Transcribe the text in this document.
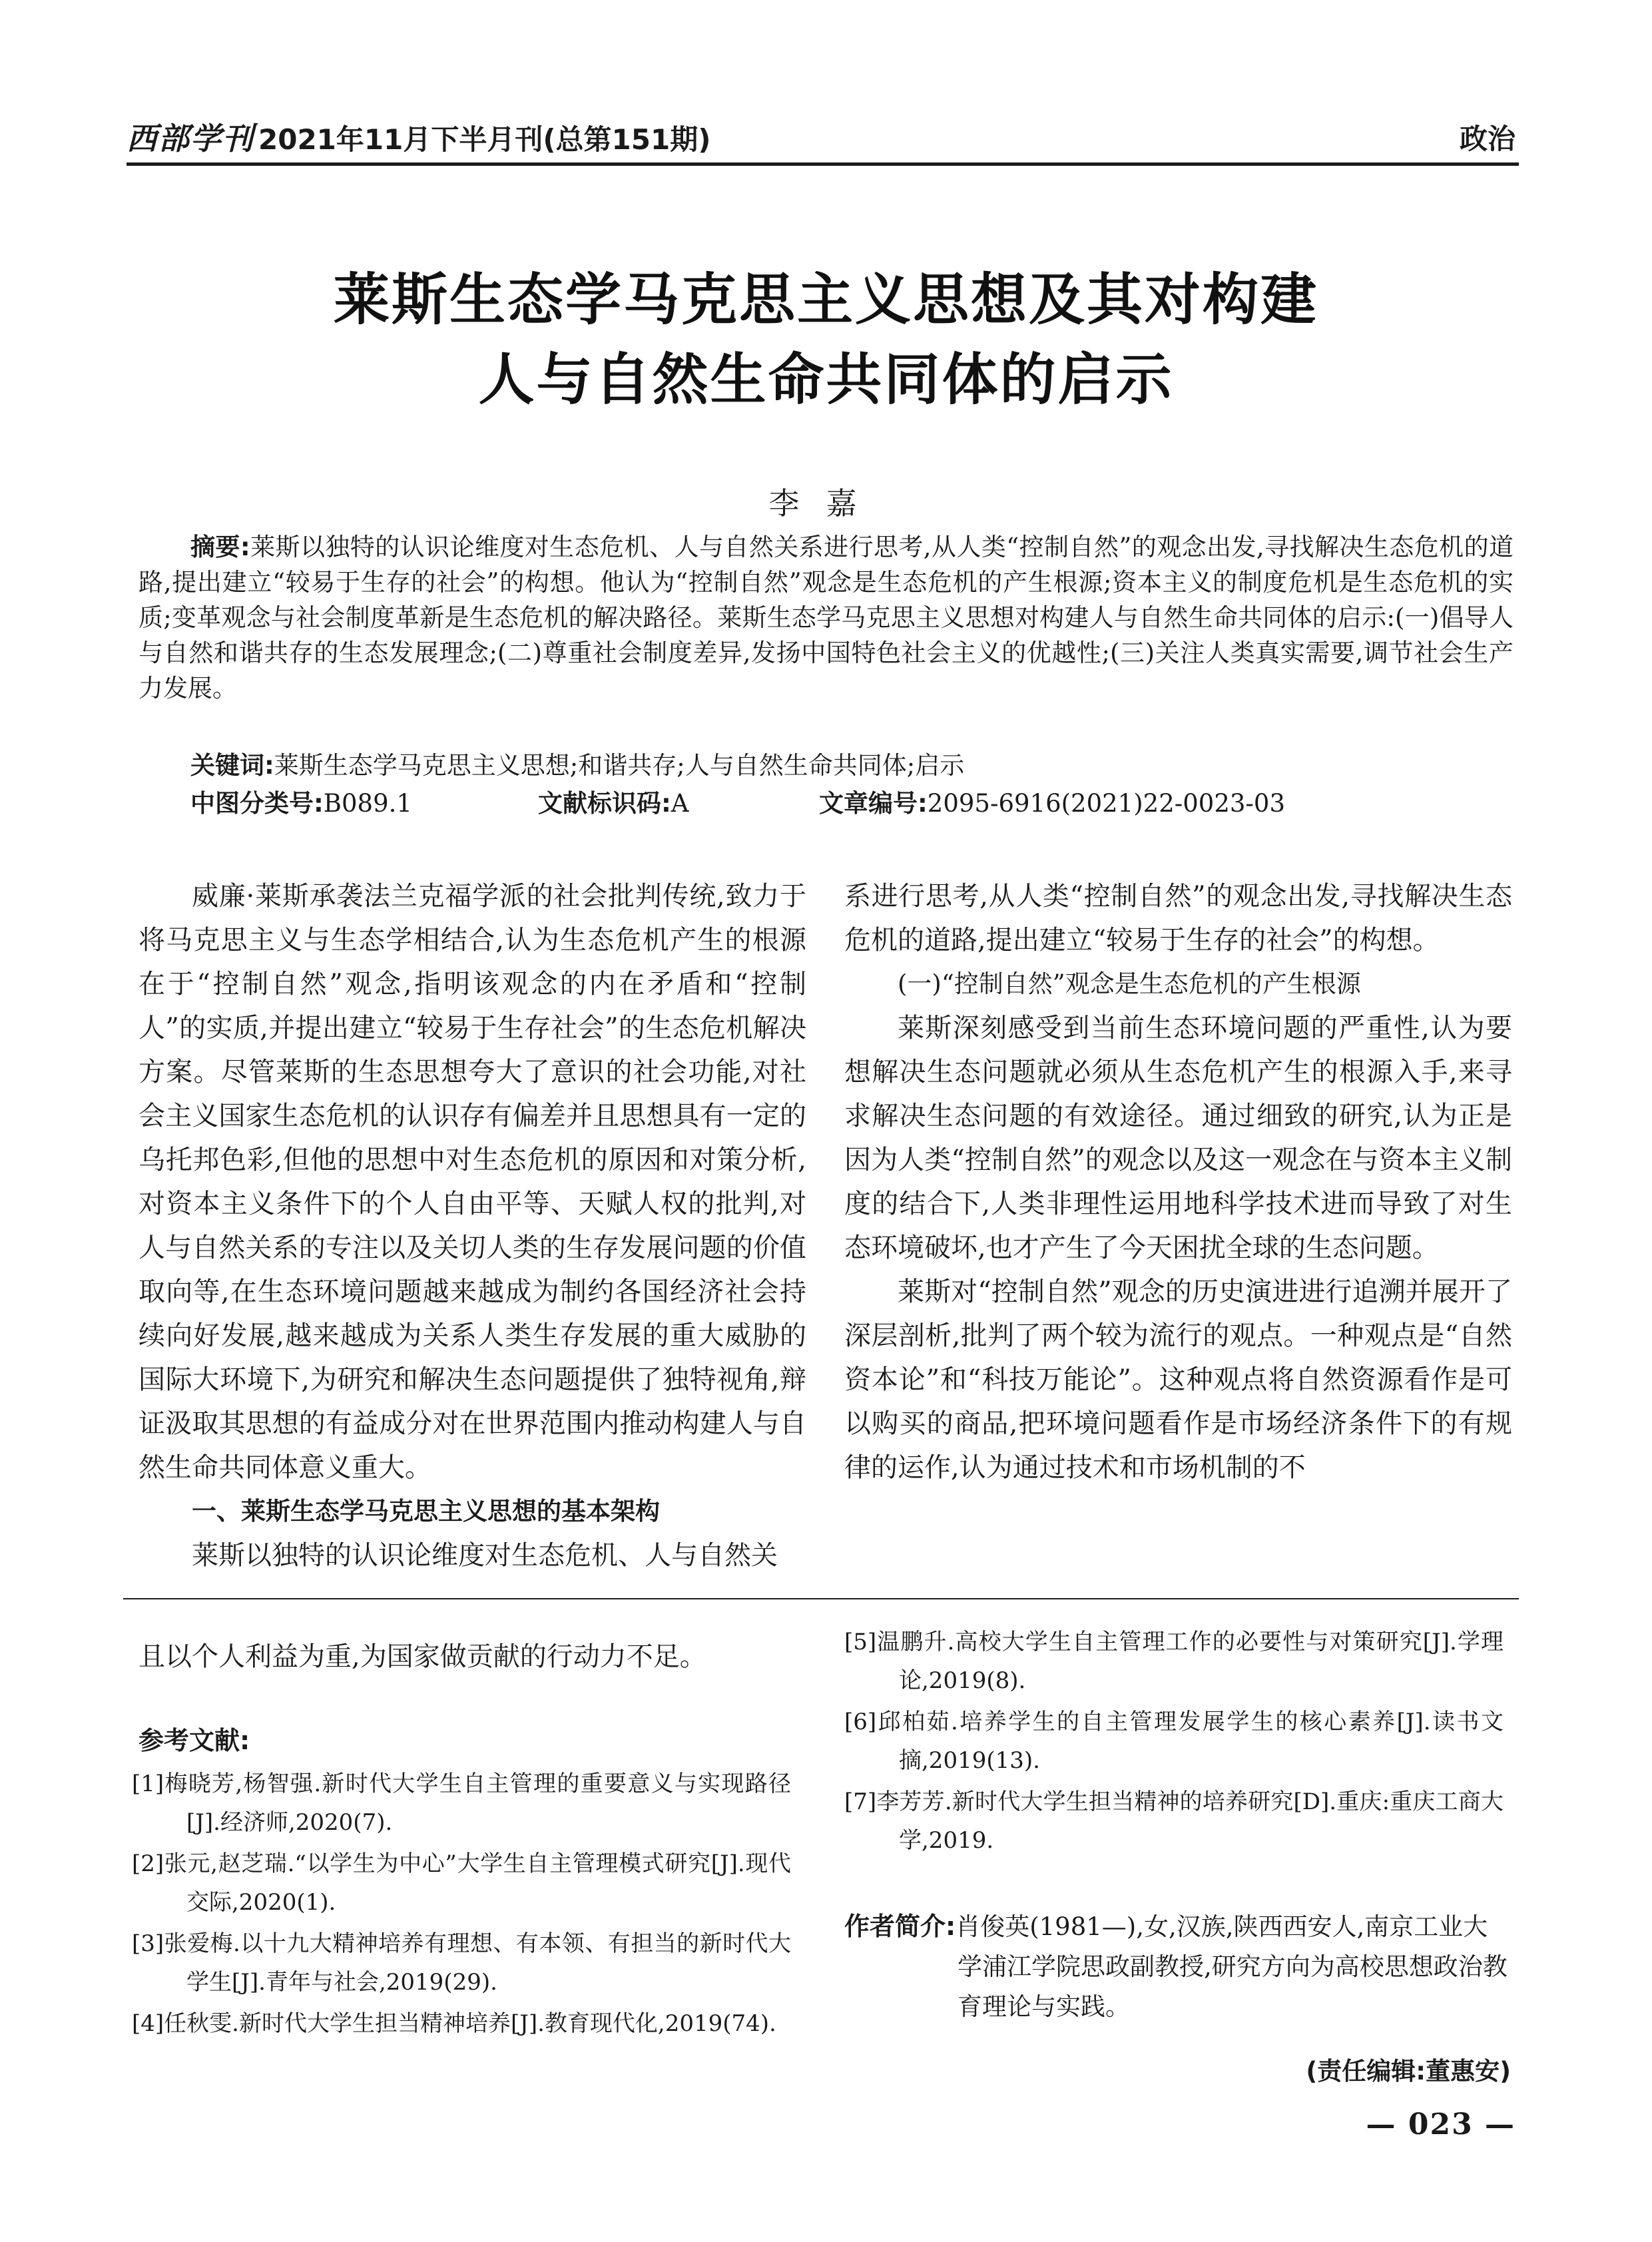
西部学刊 2021年11月下半月刊(总第151期)	政治
莱斯生态学马克思主义思想及其对构建
人与自然生命共同体的启示
李嘉
摘要:莱斯以独特的认识论维度对生态危机、人与自然关系进行思考,从人类“控制自然”的观念出发,寻找解决生态危机的道路,提出建立“较易于生存的社会”的构想。他认为“控制自然”观念是生态危机的产生根源;资本主义的制度危机是生态危机的实质;变革观念与社会制度革新是生态危机的解决路径。莱斯生态学马克思主义思想对构建人与自然生命共同体的启示:(一)倡导人与自然和谐共存的生态发展理念;(二)尊重社会制度差异,发扬中国特色社会主义的优越性;(三)关注人类真实需要,调节社会生产力发展。
关键词:莱斯生态学马克思主义思想;和谐共存;人与自然生命共同体;启示
中图分类号:B089.1	文献标识码:A	文章编号:2095-6916(2021)22-0023-03

威廉·莱斯承袭法兰克福学派的社会批判传统,致力于将马克思主义与生态学相结合,认为生态危机产生的根源在于“控制自然”观念,指明该观念的内在矛盾和“控制人”的实质,并提出建立“较易于生存社会”的生态危机解决方案。尽管莱斯的生态思想夸大了意识的社会功能,对社会主义国家生态危机的认识存有偏差并且思想具有一定的乌托邦色彩,但他的思想中对生态危机的原因和对策分析,对资本主义条件下的个人自由平等、天赋人权的批判,对人与自然关系的专注以及关切人类的生存发展问题的价值取向等,在生态环境问题越来越成为制约各国经济社会持续向好发展,越来越成为关系人类生存发展的重大威胁的国际大环境下,为研究和解决生态问题提供了独特视角,辩证汲取其思想的有益成分对在世界范围内推动构建人与自然生命共同体意义重大。

一、莱斯生态学马克思主义思想的基本架构

莱斯以独特的认识论维度对生态危机、人与自然关

系进行思考,从人类“控制自然”的观念出发,寻找解决生态危机的道路,提出建立“较易于生存的社会”的构想。

(一)“控制自然”观念是生态危机的产生根源

莱斯深刻感受到当前生态环境问题的严重性,认为要想解决生态问题就必须从生态危机产生的根源入手,来寻求解决生态问题的有效途径。通过细致的研究,认为正是因为人类“控制自然”的观念以及这一观念在与资本主义制度的结合下,人类非理性运用地科学技术进而导致了对生态环境破坏,也才产生了今天困扰全球的生态问题。

莱斯对“控制自然”观念的历史演进进行追溯并展开了深层剖析,批判了两个较为流行的观点。一种观点是“自然资本论”和“科技万能论”。这种观点将自然资源看作是可以购买的商品,把环境问题看作是市场经济条件下的有规律的运作,认为通过技术和市场机制的不

且以个人利益为重,为国家做贡献的行动力不足。
参考文献:
[1]梅晓芳,杨智强.新时代大学生自主管理的重要意义与实现路径[J].经济师,2020(7).
[2]张元,赵芝瑞.“以学生为中心”大学生自主管理模式研究[J].现代交际,2020(1).
[3]张爱梅.以十九大精神培养有理想、有本领、有担当的新时代大学生[J].青年与社会,2019(29).
[4]任秋雯.新时代大学生担当精神培养[J].教育现代化,2019(74).
[5]温鹏升.高校大学生自主管理工作的必要性与对策研究[J].学理论,2019(8).
[6]邱柏茹.培养学生的自主管理发展学生的核心素养[J].读书文摘,2019(13).
[7]李芳芳.新时代大学生担当精神的培养研究[D].重庆:重庆工商大学,2019.
作者简介:肖俊英(1981—),女,汉族,陕西西安人,南京工业大学浦江学院思政副教授,研究方向为高校思想政治教育理论与实践。
(责任编辑:董惠安)
— 023 —
